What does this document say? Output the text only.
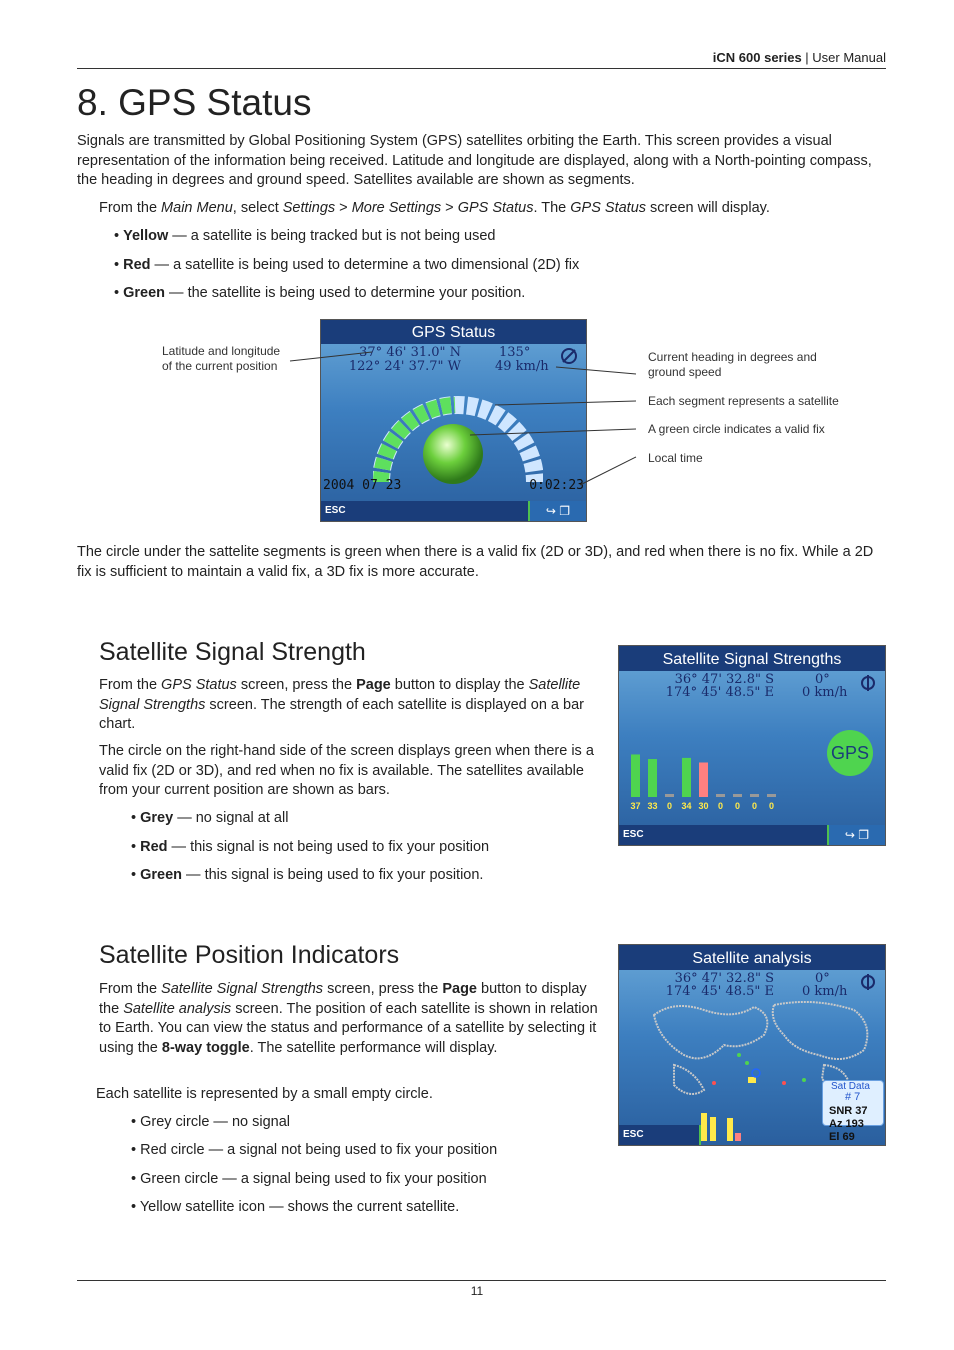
iCN 600 series | User Manual
8. GPS Status

Signals are transmitted by Global Positioning System (GPS) satellites orbiting the Earth. This screen provides a visual representation of the information being received. Latitude and longitude are displayed, along with a North-pointing compass, the heading in degrees and ground speed. Satellites available are shown as segments.

From the Main Menu, select Settings > More Settings > GPS Status. The GPS Status screen will display.

• Yellow — a satellite is being tracked but is not being used
• Red — a satellite is being used to determine a two dimensional (2D) fix
• Green — the satellite is being used to determine your position.
GPS Status
37° 46' 31.0" N
122° 24' 37.7" W
135°
49 km/h
2004 07 23	0:02:23
ESC	↪ ❐
Latitude and longitude of the current position
Current heading in degrees and ground speed
Each segment represents a satellite
A green circle indicates a valid fix
Local time

The circle under the sattelite segments is green when there is a valid fix (2D or 3D), and red when there is no fix. While a 2D fix is sufficient to maintain a valid fix, a 3D fix is more accurate.

Satellite Signal Strength

From the GPS Status screen, press the Page button to display the Satellite Signal Strengths screen. The strength of each satellite is displayed on a bar chart.

The circle on the right-hand side of the screen displays green when there is a valid fix (2D or 3D), and red when no fix is available. The satellites available from your current position are shown as bars.

• Grey — no signal at all
• Red — this signal is not being used to fix your position
• Green — this signal is being used to fix your position.
Satellite Signal Strengths
36° 47' 32.8" S
174° 45' 48.5" E
0°
0 km/h
GPS
37 33 0 34 30 0 0 0 0
ESC	↪ ❐
Satellite Position Indicators

From the Satellite Signal Strengths screen, press the Page button to display the Satellite analysis screen. The position of each satellite is shown in relation to Earth. You can view the status and performance of a satellite by selecting it using the 8-way toggle. The satellite performance will display.

Each satellite is represented by a small empty circle.

• Grey circle — no signal
• Red circle — a signal not being used to fix your position
• Green circle — a signal being used to fix your position
• Yellow satellite icon — shows the current satellite.
Satellite analysis
36° 47' 32.8" S
174° 45' 48.5" E
0°
0 km/h
Sat Data
# 7
SNR 37
Az 193
El 69
ESC
11
